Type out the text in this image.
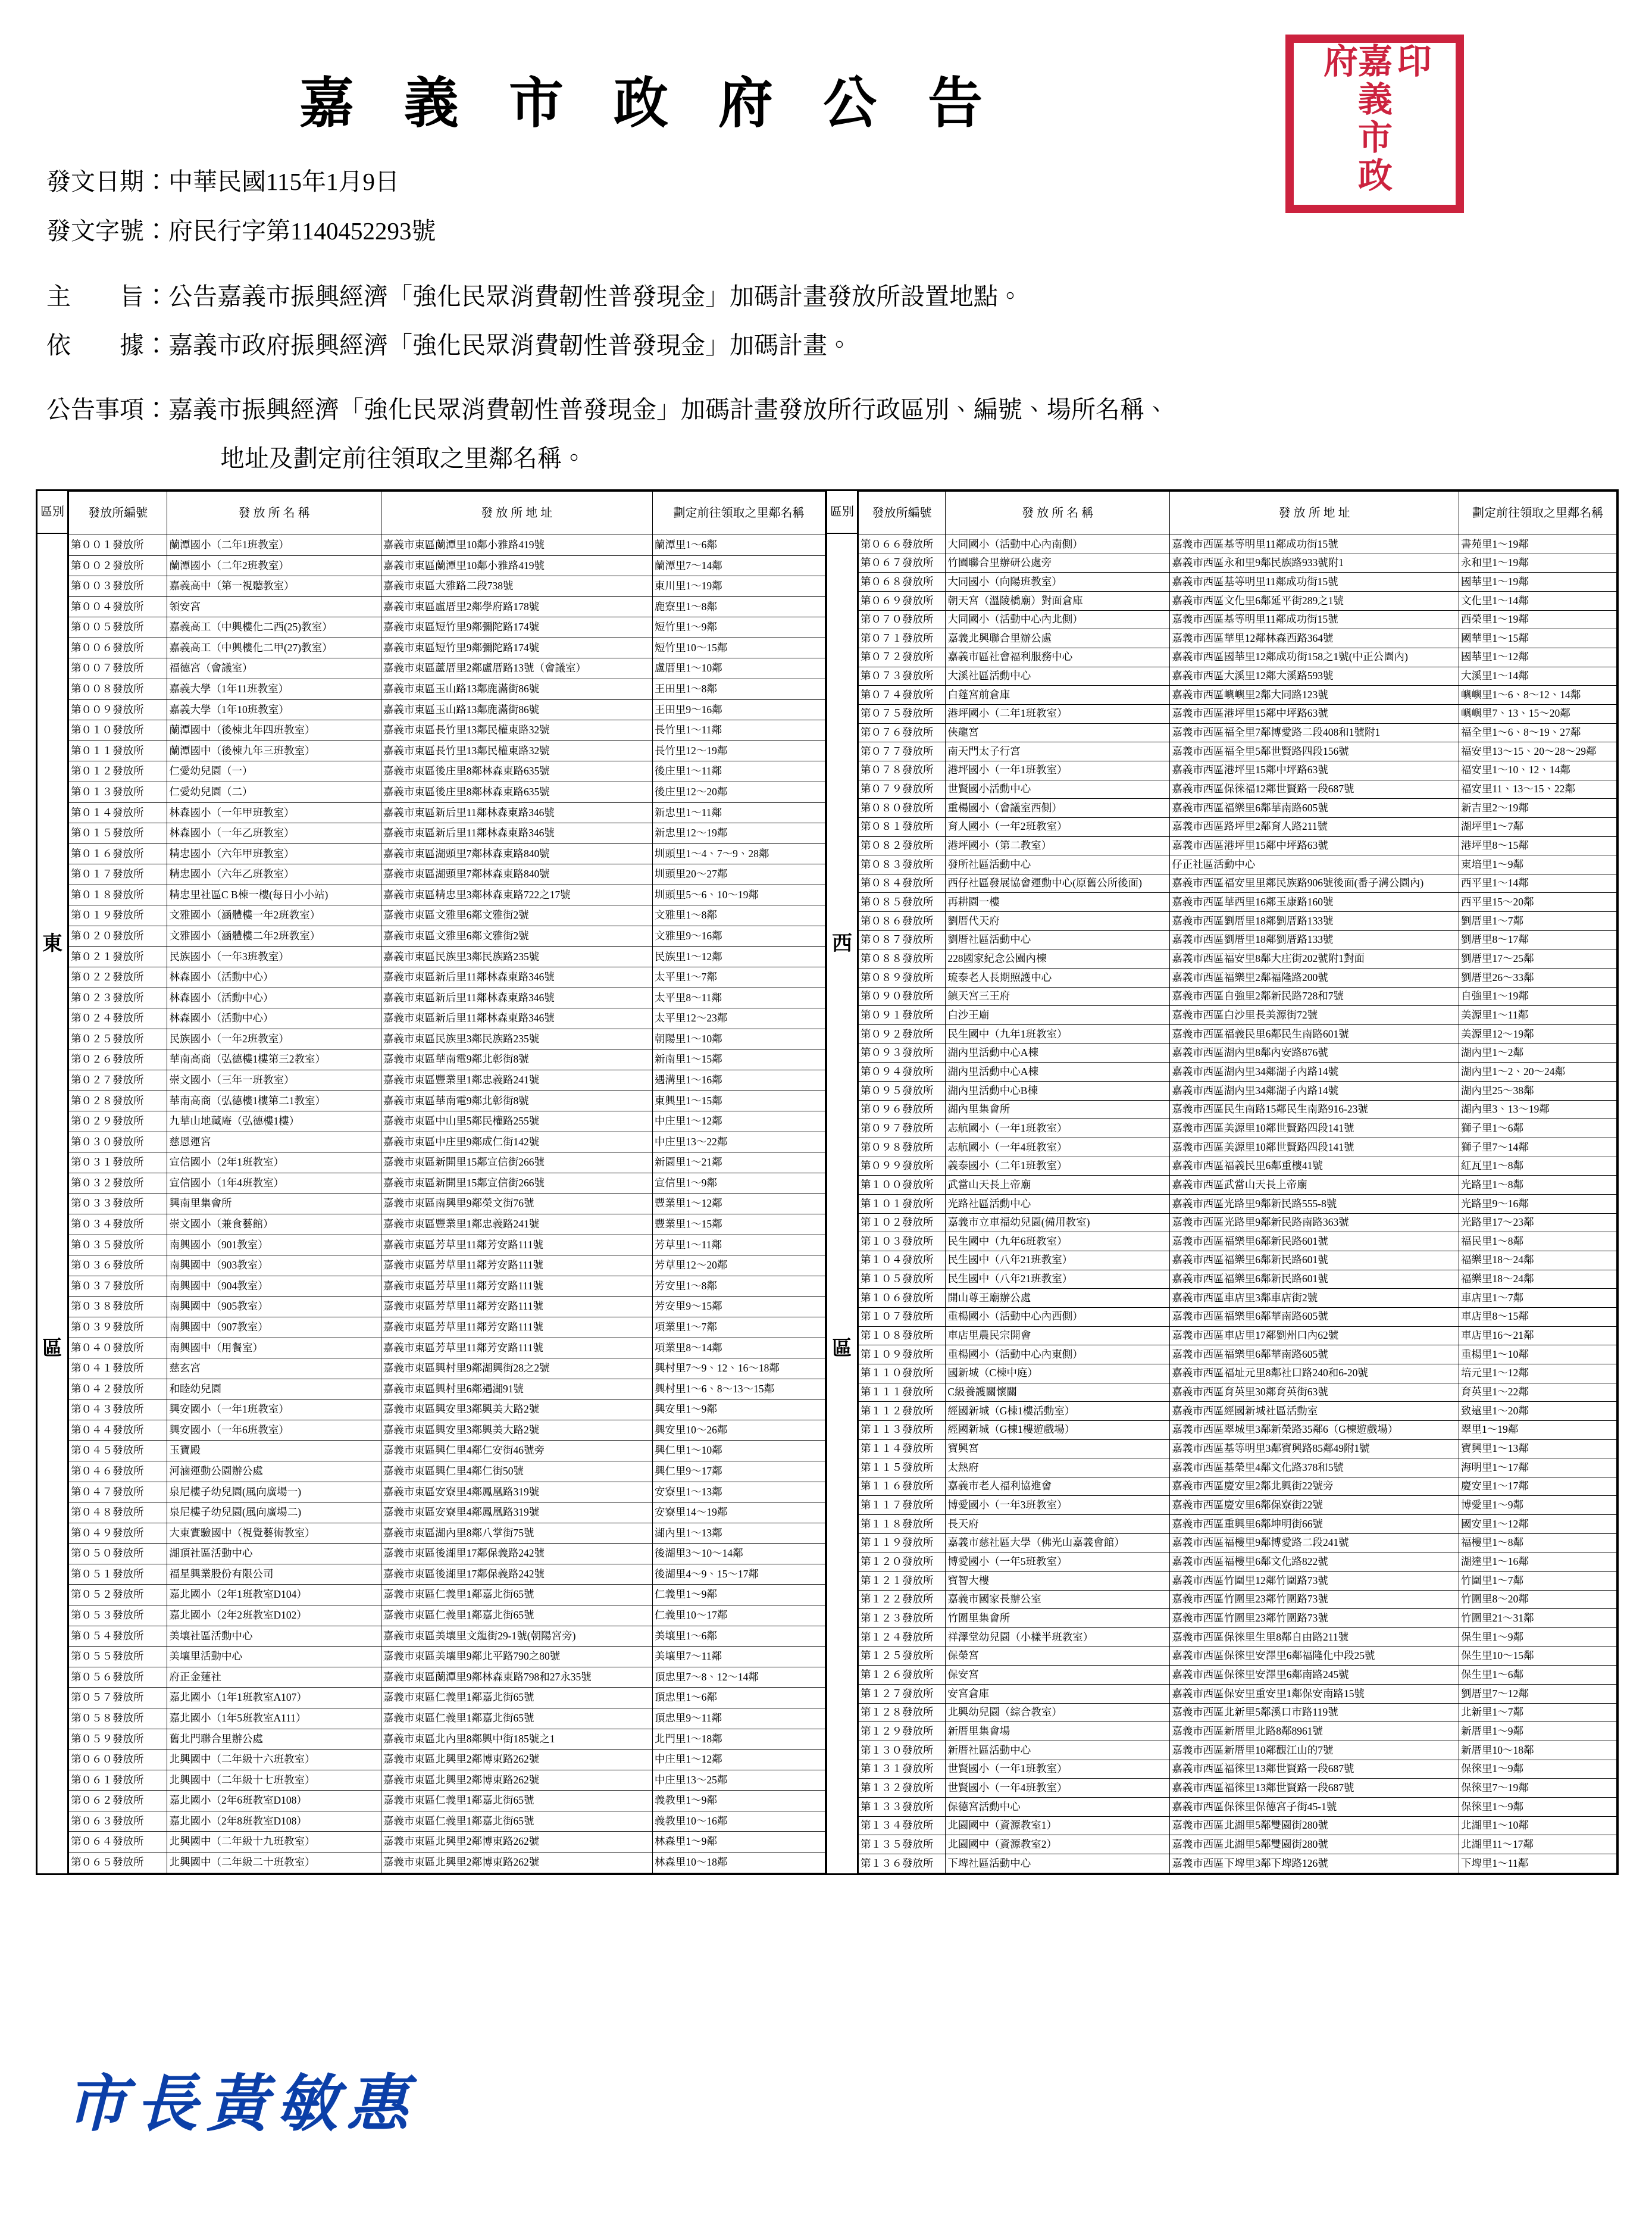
嘉 義 市 政 府 公 告	嘉義市政府 印
發文日期：中華民國115年1月9日
發文字號：府民行字第1140452293號
主　　旨：公告嘉義市振興經濟「強化民眾消費韌性普發現金」加碼計畫發放所設置地點。
依　　據：嘉義市政府振興經濟「強化民眾消費韌性普發現金」加碼計畫。
公告事項：嘉義市振興經濟「強化民眾消費韌性普發現金」加碼計畫發放所行政區別、編號、場所名稱、
地址及劃定前往領取之里鄰名稱。
區別
東
區
發放所編號	發 放 所 名 稱	發 放 所 地 址	劃定前往領取之里鄰名稱
第００１發放所	蘭潭國小（二年1班教室）	嘉義市東區蘭潭里10鄰小雅路419號	蘭潭里1～6鄰
第００２發放所	蘭潭國小（二年2班教室）	嘉義市東區蘭潭里10鄰小雅路419號	蘭潭里7～14鄰
第００３發放所	嘉義高中（第一視聽教室）	嘉義市東區大雅路二段738號	東川里1～19鄰
第００４發放所	領安宮	嘉義市東區盧厝里2鄰學府路178號	鹿寮里1～8鄰
第００５發放所	嘉義高工（中興樓化二西(25)教室）	嘉義市東區短竹里9鄰彌陀路174號	短竹里1～9鄰
第００６發放所	嘉義高工（中興樓化二甲(27)教室）	嘉義市東區短竹里9鄰彌陀路174號	短竹里10～15鄰
第００７發放所	福德宮（會議室）	嘉義市東區蘆厝里2鄰盧厝路13號（會議室）	盧厝里1～10鄰
第００８發放所	嘉義大學（1年11班教室）	嘉義市東區玉山路13鄰鹿滿街86號	王田里1～8鄰
第００９發放所	嘉義大學（1年10班教室）	嘉義市東區玉山路13鄰鹿滿街86號	王田里9～16鄰
第０１０發放所	蘭潭國中（後棟北年四班教室）	嘉義市東區長竹里13鄰民權東路32號	長竹里1～11鄰
第０１１發放所	蘭潭國中（後棟九年三班教室）	嘉義市東區長竹里13鄰民權東路32號	長竹里12～19鄰
第０１２發放所	仁愛幼兒園（一）	嘉義市東區後庄里8鄰林森東路635號	後庄里1～11鄰
第０１３發放所	仁愛幼兒園（二）	嘉義市東區後庄里8鄰林森東路635號	後庄里12～20鄰
第０１４發放所	林森國小（一年甲班教室）	嘉義市東區新后里11鄰林森東路346號	新忠里1～11鄰
第０１５發放所	林森國小（一年乙班教室）	嘉義市東區新后里11鄰林森東路346號	新忠里12～19鄰
第０１６發放所	精忠國小（六年甲班教室）	嘉義市東區湖頭里7鄰林森東路840號	圳頭里1～4、7～9、28鄰
第０１７發放所	精忠國小（六年乙班教室）	嘉義市東區湖頭里7鄰林森東路840號	圳頭里20～27鄰
第０１８發放所	精忠里社區C B棟一樓(每日小小站)	嘉義市東區精忠里3鄰林森東路722之17號	圳頭里5～6、10～19鄰
第０１９發放所	文雅國小（涵體樓一年2班教室）	嘉義市東區文雅里6鄰文雅街2號	文雅里1～8鄰
第０２０發放所	文雅國小（涵體樓二年2班教室）	嘉義市東區文雅里6鄰文雅街2號	文雅里9～16鄰
第０２１發放所	民族國小（一年3班教室）	嘉義市東區民族里3鄰民族路235號	民族里1～12鄰
第０２２發放所	林森國小（活動中心）	嘉義市東區新后里11鄰林森東路346號	太平里1～7鄰
第０２３發放所	林森國小（活動中心）	嘉義市東區新后里11鄰林森東路346號	太平里8～11鄰
第０２４發放所	林森國小（活動中心）	嘉義市東區新后里11鄰林森東路346號	太平里12～23鄰
第０２５發放所	民族國小（一年2班教室）	嘉義市東區民族里3鄰民族路235號	朝陽里1～10鄰
第０２６發放所	華南高商（弘德樓1樓第三2教室）	嘉義市東區華南電9鄰北彰街8號	新南里1～15鄰
第０２７發放所	崇文國小（三年一班教室）	嘉義市東區豐業里1鄰忠義路241號	遇溝里1～16鄰
第０２８發放所	華南高商（弘德樓1樓第二1教室）	嘉義市東區華南電9鄰北彰街8號	東興里1～15鄰
第０２９發放所	九華山地藏庵（弘德樓1樓）	嘉義市東區中山里5鄰民權路255號	中庄里1～12鄰
第０３０發放所	慈恩運宮	嘉義市東區中庄里9鄰成仁街142號	中庄里13～22鄰
第０３１發放所	宣信國小（2年1班教室）	嘉義市東區新開里15鄰宣信街266號	新園里1～21鄰
第０３２發放所	宣信國小（1年4班教室）	嘉義市東區新開里15鄰宣信街266號	宣信里1～9鄰
第０３３發放所	興南里集會所	嘉義市東區南興里9鄰榮文街76號	豐業里1～12鄰
第０３４發放所	崇文國小（兼食藝館）	嘉義市東區豐業里1鄰忠義路241號	豐業里1～15鄰
第０３５發放所	南興國小（901教室）	嘉義市東區芳草里11鄰芳安路111號	芳草里1～11鄰
第０３６發放所	南興國中（903教室）	嘉義市東區芳草里11鄰芳安路111號	芳草里12～20鄰
第０３７發放所	南興國中（904教室）	嘉義市東區芳草里11鄰芳安路111號	芳安里1～8鄰
第０３８發放所	南興國中（905教室）	嘉義市東區芳草里11鄰芳安路111號	芳安里9～15鄰
第０３９發放所	南興國中（907教室）	嘉義市東區芳草里11鄰芳安路111號	項業里1～7鄰
第０４０發放所	南興國中（用餐室）	嘉義市東區芳草里11鄰芳安路111號	項業里8～14鄰
第０４１發放所	慈玄宮	嘉義市東區興村里9鄰湖興街28之2號	興村里7～9、12、16～18鄰
第０４２發放所	和睦幼兒園	嘉義市東區興村里6鄰遇湖91號	興村里1～6、8～13～15鄰
第０４３發放所	興安國小（一年1班教室）	嘉義市東區興安里3鄰興美大路2號	興安里1～9鄰
第０４４發放所	興安國小（一年6班教室）	嘉義市東區興安里3鄰興美大路2號	興安里10～26鄰
第０４５發放所	玉寶殿	嘉義市東區興仁里4鄰仁安街46號旁	興仁里1～10鄰
第０４６發放所	河滷運動公園辦公處	嘉義市東區興仁里4鄰仁街50號	興仁里9～17鄰
第０４７發放所	泉尼樓子幼兒園(風向廣場一)	嘉義市東區安寮里4鄰鳳凰路319號	安寮里1～13鄰
第０４８發放所	泉尼樓子幼兒園(風向廣場二)	嘉義市東區安寮里4鄰鳳凰路319號	安寮里14～19鄰
第０４９發放所	大東實驗國中（視覺藝術教室）	嘉義市東區湖內里8鄰八掌街75號	湖內里1～13鄰
第０５０發放所	湖頂社區活動中心	嘉義市東區後湖里17鄰保義路242號	後湖里3～10～14鄰
第０５１發放所	福星興業股份有限公司	嘉義市東區後湖里17鄰保義路242號	後湖里4～9、15～17鄰
第０５２發放所	嘉北國小（2年1班教室D104）	嘉義市東區仁義里1鄰嘉北街65號	仁義里1～9鄰
第０５３發放所	嘉北國小（2年2班教室D102）	嘉義市東區仁義里1鄰嘉北街65號	仁義里10～17鄰
第０５４發放所	美壤社區活動中心	嘉義市東區美壤里文龍街29-1號(朝陽宮旁)	美壤里1～6鄰
第０５５發放所	美壤里活動中心	嘉義市東區美壤里9鄰北平路790之80號	美壤里7～11鄰
第０５６發放所	府正金蓮社	嘉義市東區蘭潭里9鄰林森東路798和27永35號	頂忠里7～8、12～14鄰
第０５７發放所	嘉北國小（1年1班教室A107）	嘉義市東區仁義里1鄰嘉北街65號	頂忠里1～6鄰
第０５８發放所	嘉北國小（1年5班教室A111）	嘉義市東區仁義里1鄰嘉北街65號	頂忠里9～11鄰
第０５９發放所	舊北門聯合里辦公處	嘉義市東區北內里8鄰興中街185號之1	北門里1～18鄰
第０６０發放所	北興國中（二年級十六班教室）	嘉義市東區北興里2鄰博東路262號	中庄里1～12鄰
第０６１發放所	北興國中（二年級十七班教室）	嘉義市東區北興里2鄰博東路262號	中庄里13～25鄰
第０６２發放所	嘉北國小（2年6班教室D108）	嘉義市東區仁義里1鄰嘉北街65號	義教里1～9鄰
第０６３發放所	嘉北國小（2年8班教室D108）	嘉義市東區仁義里1鄰嘉北街65號	義教里10～16鄰
第０６４發放所	北興國中（二年級十九班教室）	嘉義市東區北興里2鄰博東路262號	林森里1～9鄰
第０６５發放所	北興國中（二年級二十班教室）	嘉義市東區北興里2鄰博東路262號	林森里10～18鄰
區別
西
區
發放所編號	發 放 所 名 稱	發 放 所 地 址	劃定前往領取之里鄰名稱
第０６６發放所	大同國小（活動中心內南側）	嘉義市西區基等明里11鄰成功街15號	書苑里1～19鄰
第０６７發放所	竹園聯合里辦研公處旁	嘉義市西區永和里9鄰民族路933號附1	永和里1～19鄰
第０６８發放所	大同國小（向陽班教室）	嘉義市西區基等明里11鄰成功街15號	國華里1～19鄰
第０６９發放所	朝天宮（溫陵橋廟）對面倉庫	嘉義市西區文化里6鄰延平街289之1號	文化里1～14鄰
第０７０發放所	大同國小（活動中心內北側）	嘉義市西區基等明里11鄰成功街15號	西榮里1～19鄰
第０７１發放所	嘉義北興聯合里辦公處	嘉義市西區華里12鄰林森西路364號	國華里1～15鄰
第０７２發放所	嘉義市區社會福利服務中心	嘉義市西區國華里12鄰成功街158之1號(中正公園內)	國華里1～12鄰
第０７３發放所	大溪社區活動中心	嘉義市西區大溪里12鄰大溪路593號	大溪里1～14鄰
第０７４發放所	白蓬宮前倉庫	嘉義市西區嶼嶼里2鄰大同路123號	嶼嶼里1～6、8～12、14鄰
第０７５發放所	港坪國小（二年1班教室）	嘉義市西區港坪里15鄰中坪路63號	嶼嶼里7、13、15～20鄰
第０７６發放所	俠龍宮	嘉義市西區福全里7鄰博愛路二段408和1號附1	福全里1～6、8～19、27鄰
第０７７發放所	南天門太子行宮	嘉義市西區福全里5鄰世賢路四段156號	福安里13～15、20～28～29鄰
第０７８發放所	港坪國小（一年1班教室）	嘉義市西區港坪里15鄰中坪路63號	福安里1～10、12、14鄰
第０７９發放所	世賢國小活動中心	嘉義市西區保徠福12鄰世賢路一段687號	福安里11、13～15、22鄰
第０８０發放所	重楊國小（會議室西側）	嘉義市西區福樂里6鄰華南路605號	新吉里2～19鄰
第０８１發放所	育人國小（一年2班教室）	嘉義市西區路坪里2鄰育人路211號	湖坪里1～7鄰
第０８２發放所	港坪國小（第二教室）	嘉義市西區港坪里15鄰中坪路63號	港坪里8～15鄰
第０８３發放所	發所社區活動中心	仔正社區活動中心	東培里1～9鄰
第０８４發放所	西仔社區發展協會運動中心(原舊公所後面)	嘉義市西區福安里里鄰民族路906號後面(番子溝公園內)	西平里1～14鄰
第０８５發放所	再耕園一樓	嘉義市西區華西里16鄰玉康路160號	西平里15～20鄰
第０８６發放所	劉厝代天府	嘉義市西區劉厝里18鄰劉厝路133號	劉厝里1～7鄰
第０８７發放所	劉厝社區活動中心	嘉義市西區劉厝里18鄰劉厝路133號	劉厝里8～17鄰
第０８８發放所	228國家紀念公園內棟	嘉義市西區福安里8鄰大庄街202號附1對面	劉厝里17～25鄰
第０８９發放所	琉泰老人長期照護中心	嘉義市西區福樂里2鄰福隆路200號	劉厝里26～33鄰
第０９０發放所	鎮天宮三王府	嘉義市西區自強里2鄰新民路728和7號	自強里1～19鄰
第０９１發放所	白沙王廟	嘉義市西區白沙里長美源街72號	美源里1～11鄰
第０９２發放所	民生國中（九年1班教室）	嘉義市西區福義民里6鄰民生南路601號	美源里12～19鄰
第０９３發放所	湖內里活動中心A棟	嘉義市西區湖內里8鄰內安路876號	湖內里1～2鄰
第０９４發放所	湖內里活動中心A棟	嘉義市西區湖內里34鄰湖子內路14號	湖內里1～2、20～24鄰
第０９５發放所	湖內里活動中心B棟	嘉義市西區湖內里34鄰湖子內路14號	湖內里25～38鄰
第０９６發放所	湖內里集會所	嘉義市西區民生南路15鄰民生南路916-23號	湖內里3、13～19鄰
第０９７發放所	志航國小（一年1班教室）	嘉義市西區美源里10鄰世賢路四段141號	獅子里1～6鄰
第０９８發放所	志航國小（一年4班教室）	嘉義市西區美源里10鄰世賢路四段141號	獅子里7～14鄰
第０９９發放所	義泰國小（二年1班教室）	嘉義市西區福義民里6鄰重樓41號	紅瓦里1～8鄰
第１００發放所	武當山天長上帝廟	嘉義市西區武當山天長上帝廟	光路里1～8鄰
第１０１發放所	光路社區活動中心	嘉義市西區光路里9鄰新民路555-8號	光路里9～16鄰
第１０２發放所	嘉義市立車福幼兒園(備用教室)	嘉義市西區光路里9鄰新民路南路363號	光路里17～23鄰
第１０３發放所	民生國中（九年6班教室）	嘉義市西區福樂里6鄰新民路601號	福民里1～8鄰
第１０４發放所	民生國中（八年21班教室）	嘉義市西區福樂里6鄰新民路601號	福樂里18～24鄰
第１０５發放所	民生國中（八年21班教室）	嘉義市西區福樂里6鄰新民路601號	福樂里18～24鄰
第１０６發放所	開山尊王廟辦公處	嘉義市西區車店里3鄰車店街2號	車店里1～7鄰
第１０７發放所	重楊國小（活動中心內西側）	嘉義市西區福樂里6鄰華南路605號	車店里8～15鄰
第１０８發放所	車店里農民宗開會	嘉義市西區車店里17鄰劉州口內62號	車店里16～21鄰
第１０９發放所	重楊國小（活動中心內東側）	嘉義市西區福樂里6鄰華南路605號	重楊里1～10鄰
第１１０發放所	國新城（C棟中庭）	嘉義市西區福址元里8鄰社口路240和6-20號	培元里1～12鄰
第１１１發放所	C級養護關懷關	嘉義市西區育英里30鄰育英街63號	育英里1～22鄰
第１１２發放所	經國新城（G棟1樓活動室）	嘉義市西區經國新城社區活動室	致遠里1～20鄰
第１１３發放所	經國新城（G棟1樓遊戲場）	嘉義市西區翠城里3鄰新榮路35鄰6（G棟遊戲場）	翠里1～19鄰
第１１４發放所	寶興宮	嘉義市西區基等明里3鄰寶興路85鄰49附1號	寶興里1～13鄰
第１１５發放所	太熱府	嘉義市西區基榮里4鄰文化路378和5號	海明里1～17鄰
第１１６發放所	嘉義市老人福利協進會	嘉義市西區慶安里2鄰北興街22號旁	慶安里1～17鄰
第１１７發放所	博愛國小（一年3班教室）	嘉義市西區慶安里6鄰保寮街22號	博愛里1～9鄰
第１１８發放所	長天府	嘉義市西區重興里6鄰坤明街66號	國安里1～12鄰
第１１９發放所	嘉義市慈社區大學（佛光山嘉義會館）	嘉義市西區福樓里9鄰博愛路二段241號	福樓里1～8鄰
第１２０發放所	博愛國小（一年5班教室）	嘉義市西區福樓里6鄰文化路822號	湖達里1～16鄰
第１２１發放所	寶智大樓	嘉義市西區竹圍里12鄰竹圍路73號	竹圍里1～7鄰
第１２２發放所	嘉義市國家長辦公室	嘉義市西區竹圍里23鄰竹圍路73號	竹圍里8～20鄰
第１２３發放所	竹圍里集會所	嘉義市西區竹圍里23鄰竹圍路73號	竹圍里21～31鄰
第１２４發放所	祥澤堂幼兒園（小樣半班教室）	嘉義市西區保徠里生里8鄰自由路211號	保生里1～9鄰
第１２５發放所	保榮宮	嘉義市西區保徠里安澤里6鄰福隆化中段25號	保生里10～15鄰
第１２６發放所	保安宮	嘉義市西區保徠里安澤里6鄰南路245號	保生里1～6鄰
第１２７發放所	安宮倉庫	嘉義市西區保安里重安里1鄰保安南路15號	劉厝里7～12鄰
第１２８發放所	北興幼兒園（綜合教室）	嘉義市西區北新里5鄰溪口市路119號	北新里1～7鄰
第１２９發放所	新厝里集會場	嘉義市西區新厝里北路8鄰8961號	新厝里1～9鄰
第１３０發放所	新厝社區活動中心	嘉義市西區新厝里10鄰觀江山的7號	新厝里10～18鄰
第１３１發放所	世賢國小（一年1班教室）	嘉義市西區福徠里13鄰世賢路一段687號	保徠里1～9鄰
第１３２發放所	世賢國小（一年4班教室）	嘉義市西區福徠里13鄰世賢路一段687號	保徠里7～19鄰
第１３３發放所	保德宮活動中心	嘉義市西區保徠里保德宮子街45-1號	保徠里1～9鄰
第１３４發放所	北園國中（資源教室1）	嘉義市西區北湖里5鄰雙園街280號	北湖里1～10鄰
第１３５發放所	北園國中（資源教室2）	嘉義市西區北湖里5鄰雙園街280號	北湖里11～17鄰
第１３６發放所	下埤社區活動中心	嘉義市西區下埤里3鄰下埤路126號	下埤里1～11鄰
市長黃敏惠
